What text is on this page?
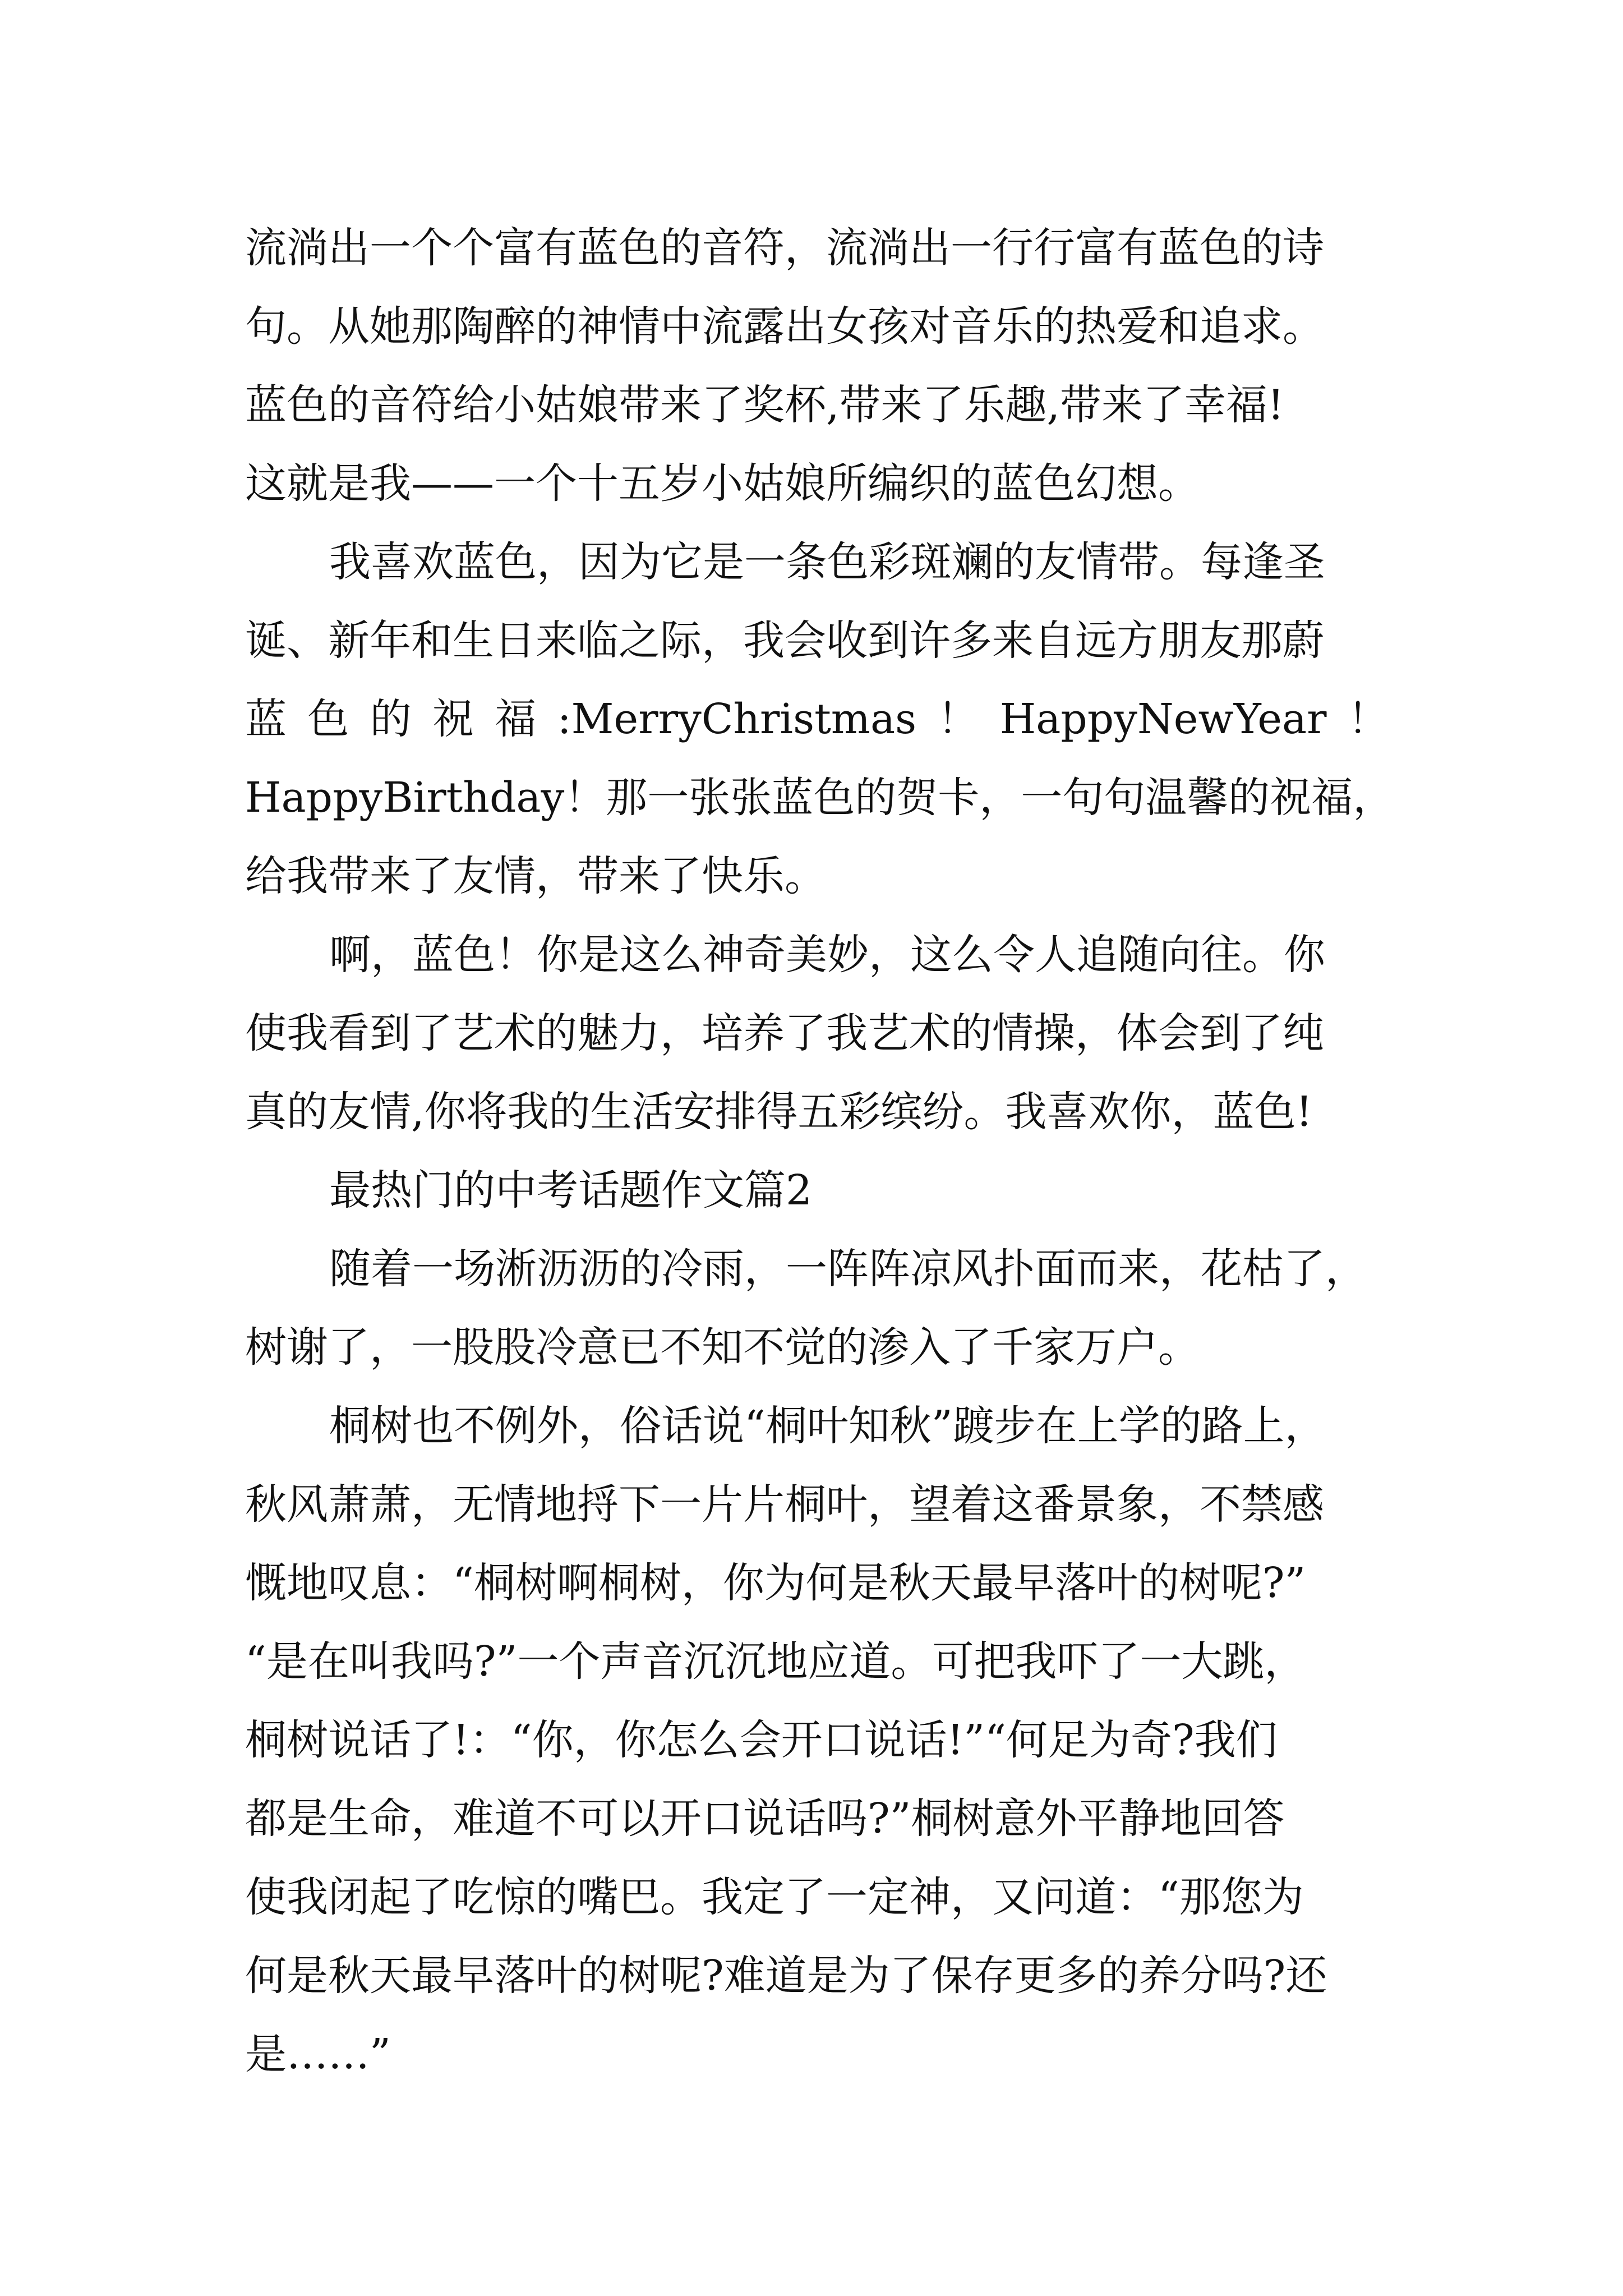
流淌出一个个富有蓝色的音符，流淌出一行行富有蓝色的诗
句。从她那陶醉的神情中流露出女孩对音乐的热爱和追求。
蓝色的音符给小姑娘带来了奖杯,带来了乐趣,带来了幸福!
这就是我——一个十五岁小姑娘所编织的蓝色幻想。
我喜欢蓝色，因为它是一条色彩斑斓的友情带。每逢圣
诞、新年和生日来临之际，我会收到许多来自远方朋友那蔚
蓝 色 的 祝 福 :MerryChristmas ！ HappyNewYear ！
HappyBirthday！那一张张蓝色的贺卡，一句句温馨的祝福，
给我带来了友情，带来了快乐。
啊，蓝色！你是这么神奇美妙，这么令人追随向往。你
使我看到了艺术的魅力，培养了我艺术的情操，体会到了纯
真的友情,你将我的生活安排得五彩缤纷。我喜欢你，蓝色!
最热门的中考话题作文篇2
随着一场淅沥沥的冷雨，一阵阵凉风扑面而来，花枯了，
树谢了，一股股冷意已不知不觉的渗入了千家万户。
桐树也不例外，俗话说“桐叶知秋”踱步在上学的路上，
秋风萧萧，无情地捋下一片片桐叶，望着这番景象，不禁感
慨地叹息：“桐树啊桐树，你为何是秋天最早落叶的树呢?”
“是在叫我吗?”一个声音沉沉地应道。可把我吓了一大跳，
桐树说话了!：“你，你怎么会开口说话!”“何足为奇?我们
都是生命，难道不可以开口说话吗?”桐树意外平静地回答
使我闭起了吃惊的嘴巴。我定了一定神，又问道：“那您为
何是秋天最早落叶的树呢?难道是为了保存更多的养分吗?还
是……”
